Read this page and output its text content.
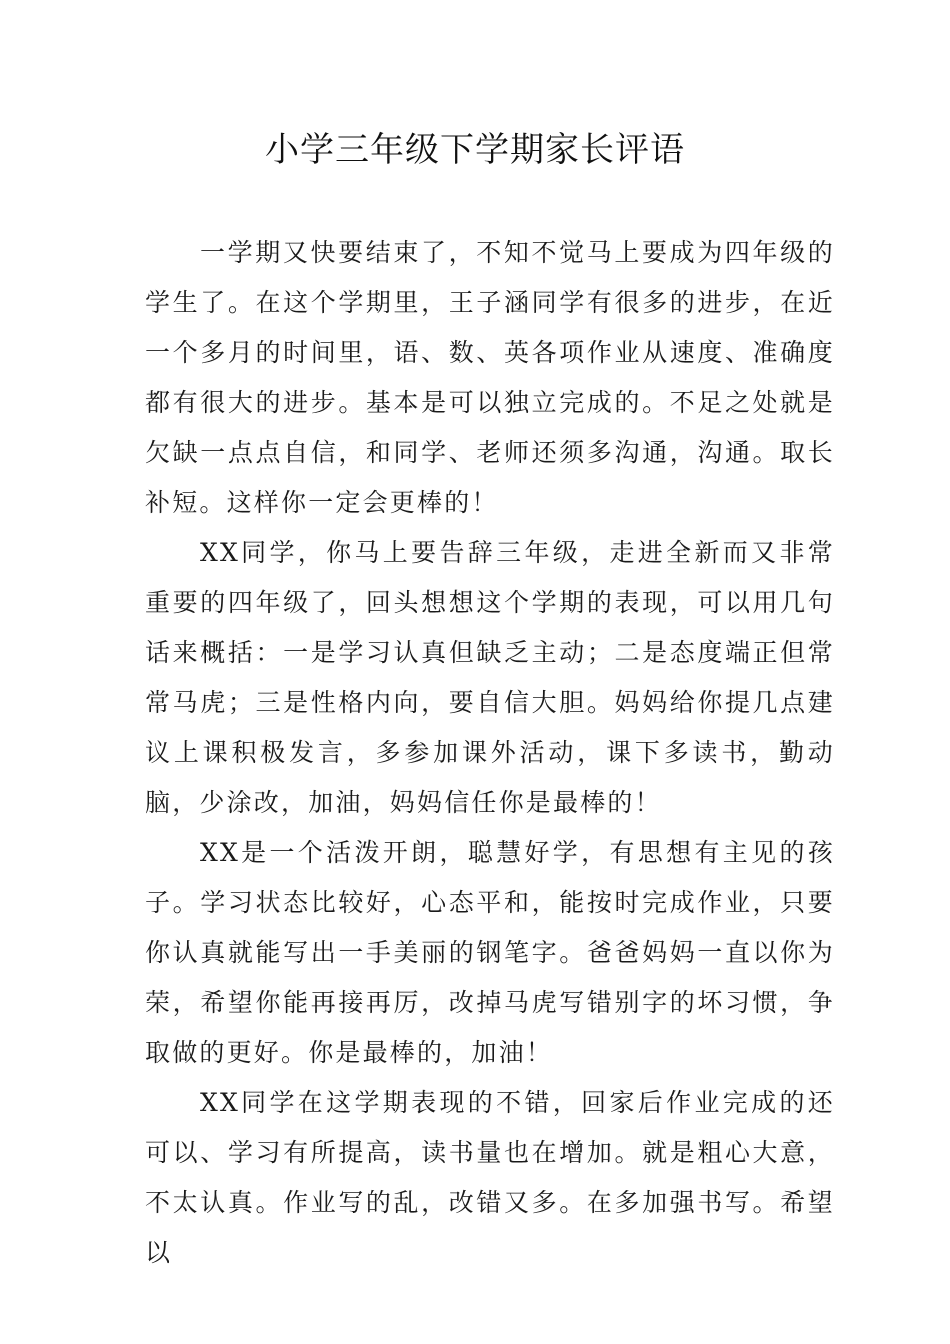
小学三年级下学期家长评语

一学期又快要结束了，不知不觉马上要成为四年级的学生了。在这个学期里，王子涵同学有很多的进步，在近一个多月的时间里，语、数、英各项作业从速度、准确度都有很大的进步。基本是可以独立完成的。不足之处就是欠缺一点点自信，和同学、老师还须多沟通，沟通。取长补短。这样你一定会更棒的！

XX同学，你马上要告辞三年级，走进全新而又非常重要的四年级了，回头想想这个学期的表现，可以用几句话来概括：一是学习认真但缺乏主动；二是态度端正但常常马虎；三是性格内向，要自信大胆。妈妈给你提几点建议上课积极发言，多参加课外活动，课下多读书，勤动脑，少涂改，加油，妈妈信任你是最棒的！

XX是一个活泼开朗，聪慧好学，有思想有主见的孩子。学习状态比较好，心态平和，能按时完成作业，只要你认真就能写出一手美丽的钢笔字。爸爸妈妈一直以你为荣，希望你能再接再厉，改掉马虎写错别字的坏习惯，争取做的更好。你是最棒的，加油！

XX同学在这学期表现的不错，回家后作业完成的还可以、学习有所提高，读书量也在增加。就是粗心大意，不太认真。作业写的乱，改错又多。在多加强书写。希望以
